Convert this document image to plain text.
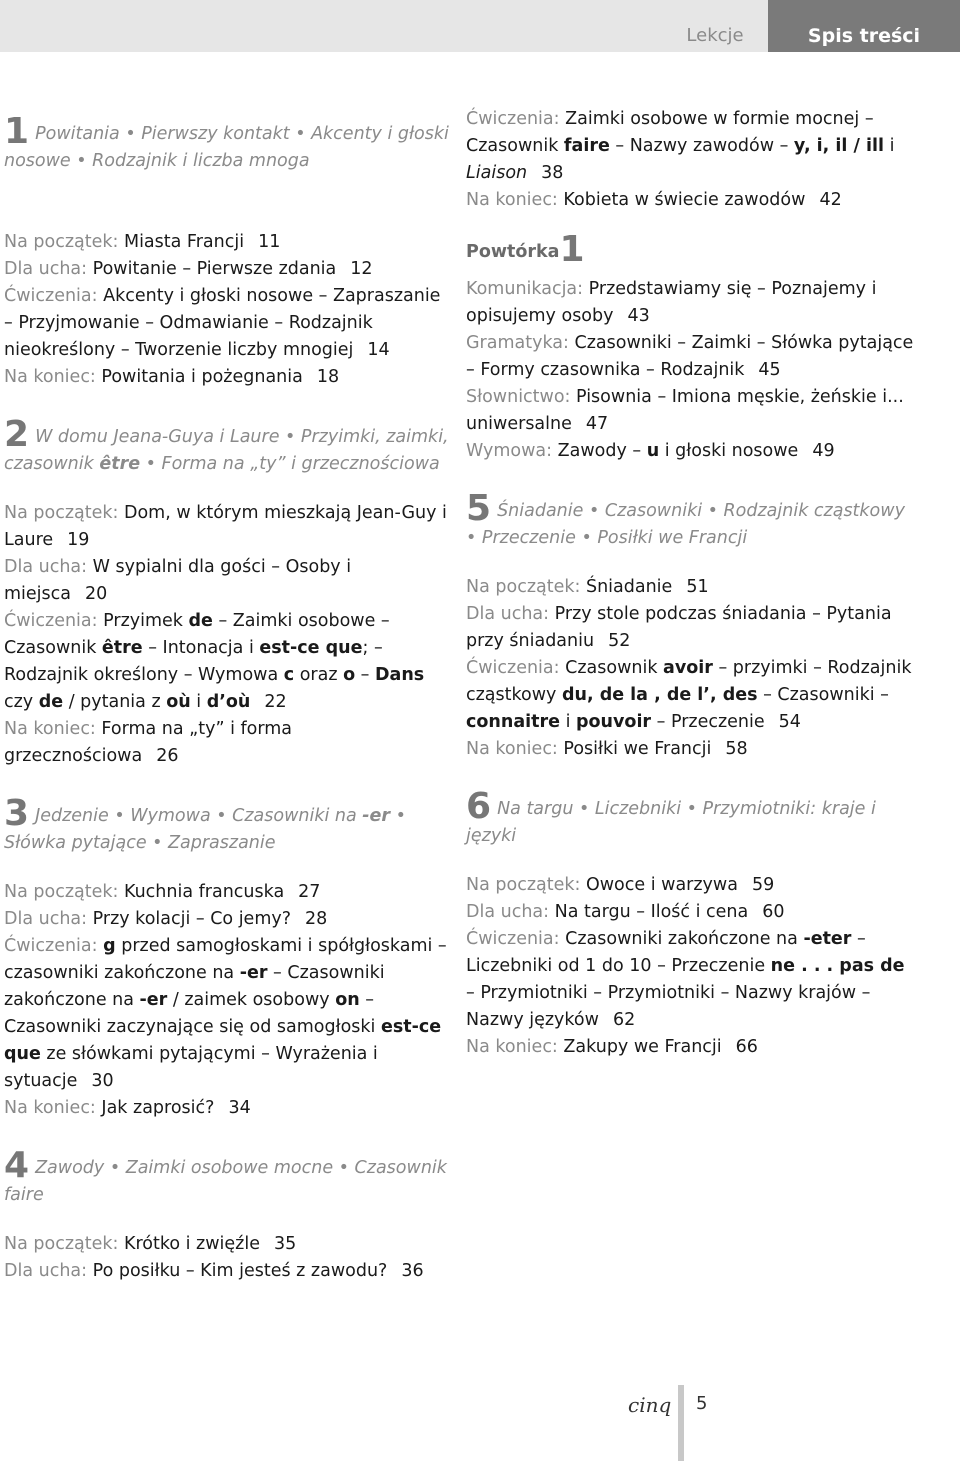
Lekcje	Spis treści

1 Powitania • Pierwszy kontakt • Akcenty i głoski nosowe • Rodzajnik i liczba mnoga

Na początek: Miasta Francji 11

Dla ucha: Powitanie – Pierwsze zdania 12

Ćwiczenia: Akcenty i głoski nosowe – Zapraszanie – Przyjmowanie – Odmawianie – Rodzajnik nieokreślony – Tworzenie liczby mnogiej 14

Na koniec: Powitania i pożegnania 18

2 W domu Jeana-Guya i Laure • Przyimki, zaimki, czasownik être • Forma na „ty” i grzecznościowa

Na początek: Dom, w którym mieszkają Jean-Guy i Laure 19

Dla ucha: W sypialni dla gości – Osoby i miejsca 20

Ćwiczenia: Przyimek de – Zaimki osobowe – Czasownik être – Intonacja i est-ce que; – Rodzajnik określony – Wymowa c oraz o – Dans czy de / pytania z où i d’où 22

Na koniec: Forma na „ty” i forma grzecznościowa 26

3 Jedzenie • Wymowa • Czasowniki na -er • Słówka pytające • Zapraszanie

Na początek: Kuchnia francuska 27

Dla ucha: Przy kolacji – Co jemy? 28

Ćwiczenia: g przed samogłoskami i spółgłoskami – czasowniki zakończone na -er – Czasowniki zakończone na -er / zaimek osobowy on – Czasowniki zaczynające się od samogłoski est-ce que ze słówkami pytającymi – Wyrażenia i sytuacje 30

Na koniec: Jak zaprosić? 34

4 Zawody • Zaimki osobowe mocne • Czasownik faire

Na początek: Krótko i zwięźle 35

Dla ucha: Po posiłku – Kim jesteś z zawodu? 36

Ćwiczenia: Zaimki osobowe w formie mocnej – Czasownik faire – Nazwy zawodów – y, i, il / ill i Liaison 38

Na koniec: Kobieta w świecie zawodów 42

Powtórka1

Komunikacja: Przedstawiamy się – Poznajemy i opisujemy osoby 43

Gramatyka: Czasowniki – Zaimki – Słówka pytające – Formy czasownika – Rodzajnik 45

Słownictwo: Pisownia – Imiona męskie, żeńskie i... uniwersalne 47

Wymowa: Zawody – u i głoski nosowe 49

5 Śniadanie • Czasowniki • Rodzajnik cząstkowy • Przeczenie • Posiłki we Francji

Na początek: Śniadanie 51

Dla ucha: Przy stole podczas śniadania – Pytania przy śniadaniu 52

Ćwiczenia: Czasownik avoir – przyimki – Rodzajnik cząstkowy du, de la , de l’, des – Czasowniki – connaitre i pouvoir – Przeczenie 54

Na koniec: Posiłki we Francji 58

6 Na targu • Liczebniki • Przymiotniki: kraje i języki

Na początek: Owoce i warzywa 59

Dla ucha: Na targu – Ilość i cena 60

Ćwiczenia: Czasowniki zakończone na -eter – Liczebniki od 1 do 10 – Przeczenie ne . . . pas de – Przymiotniki – Przymiotniki – Nazwy krajów – Nazwy języków 62

Na koniec: Zakupy we Francji 66

cinq 5
